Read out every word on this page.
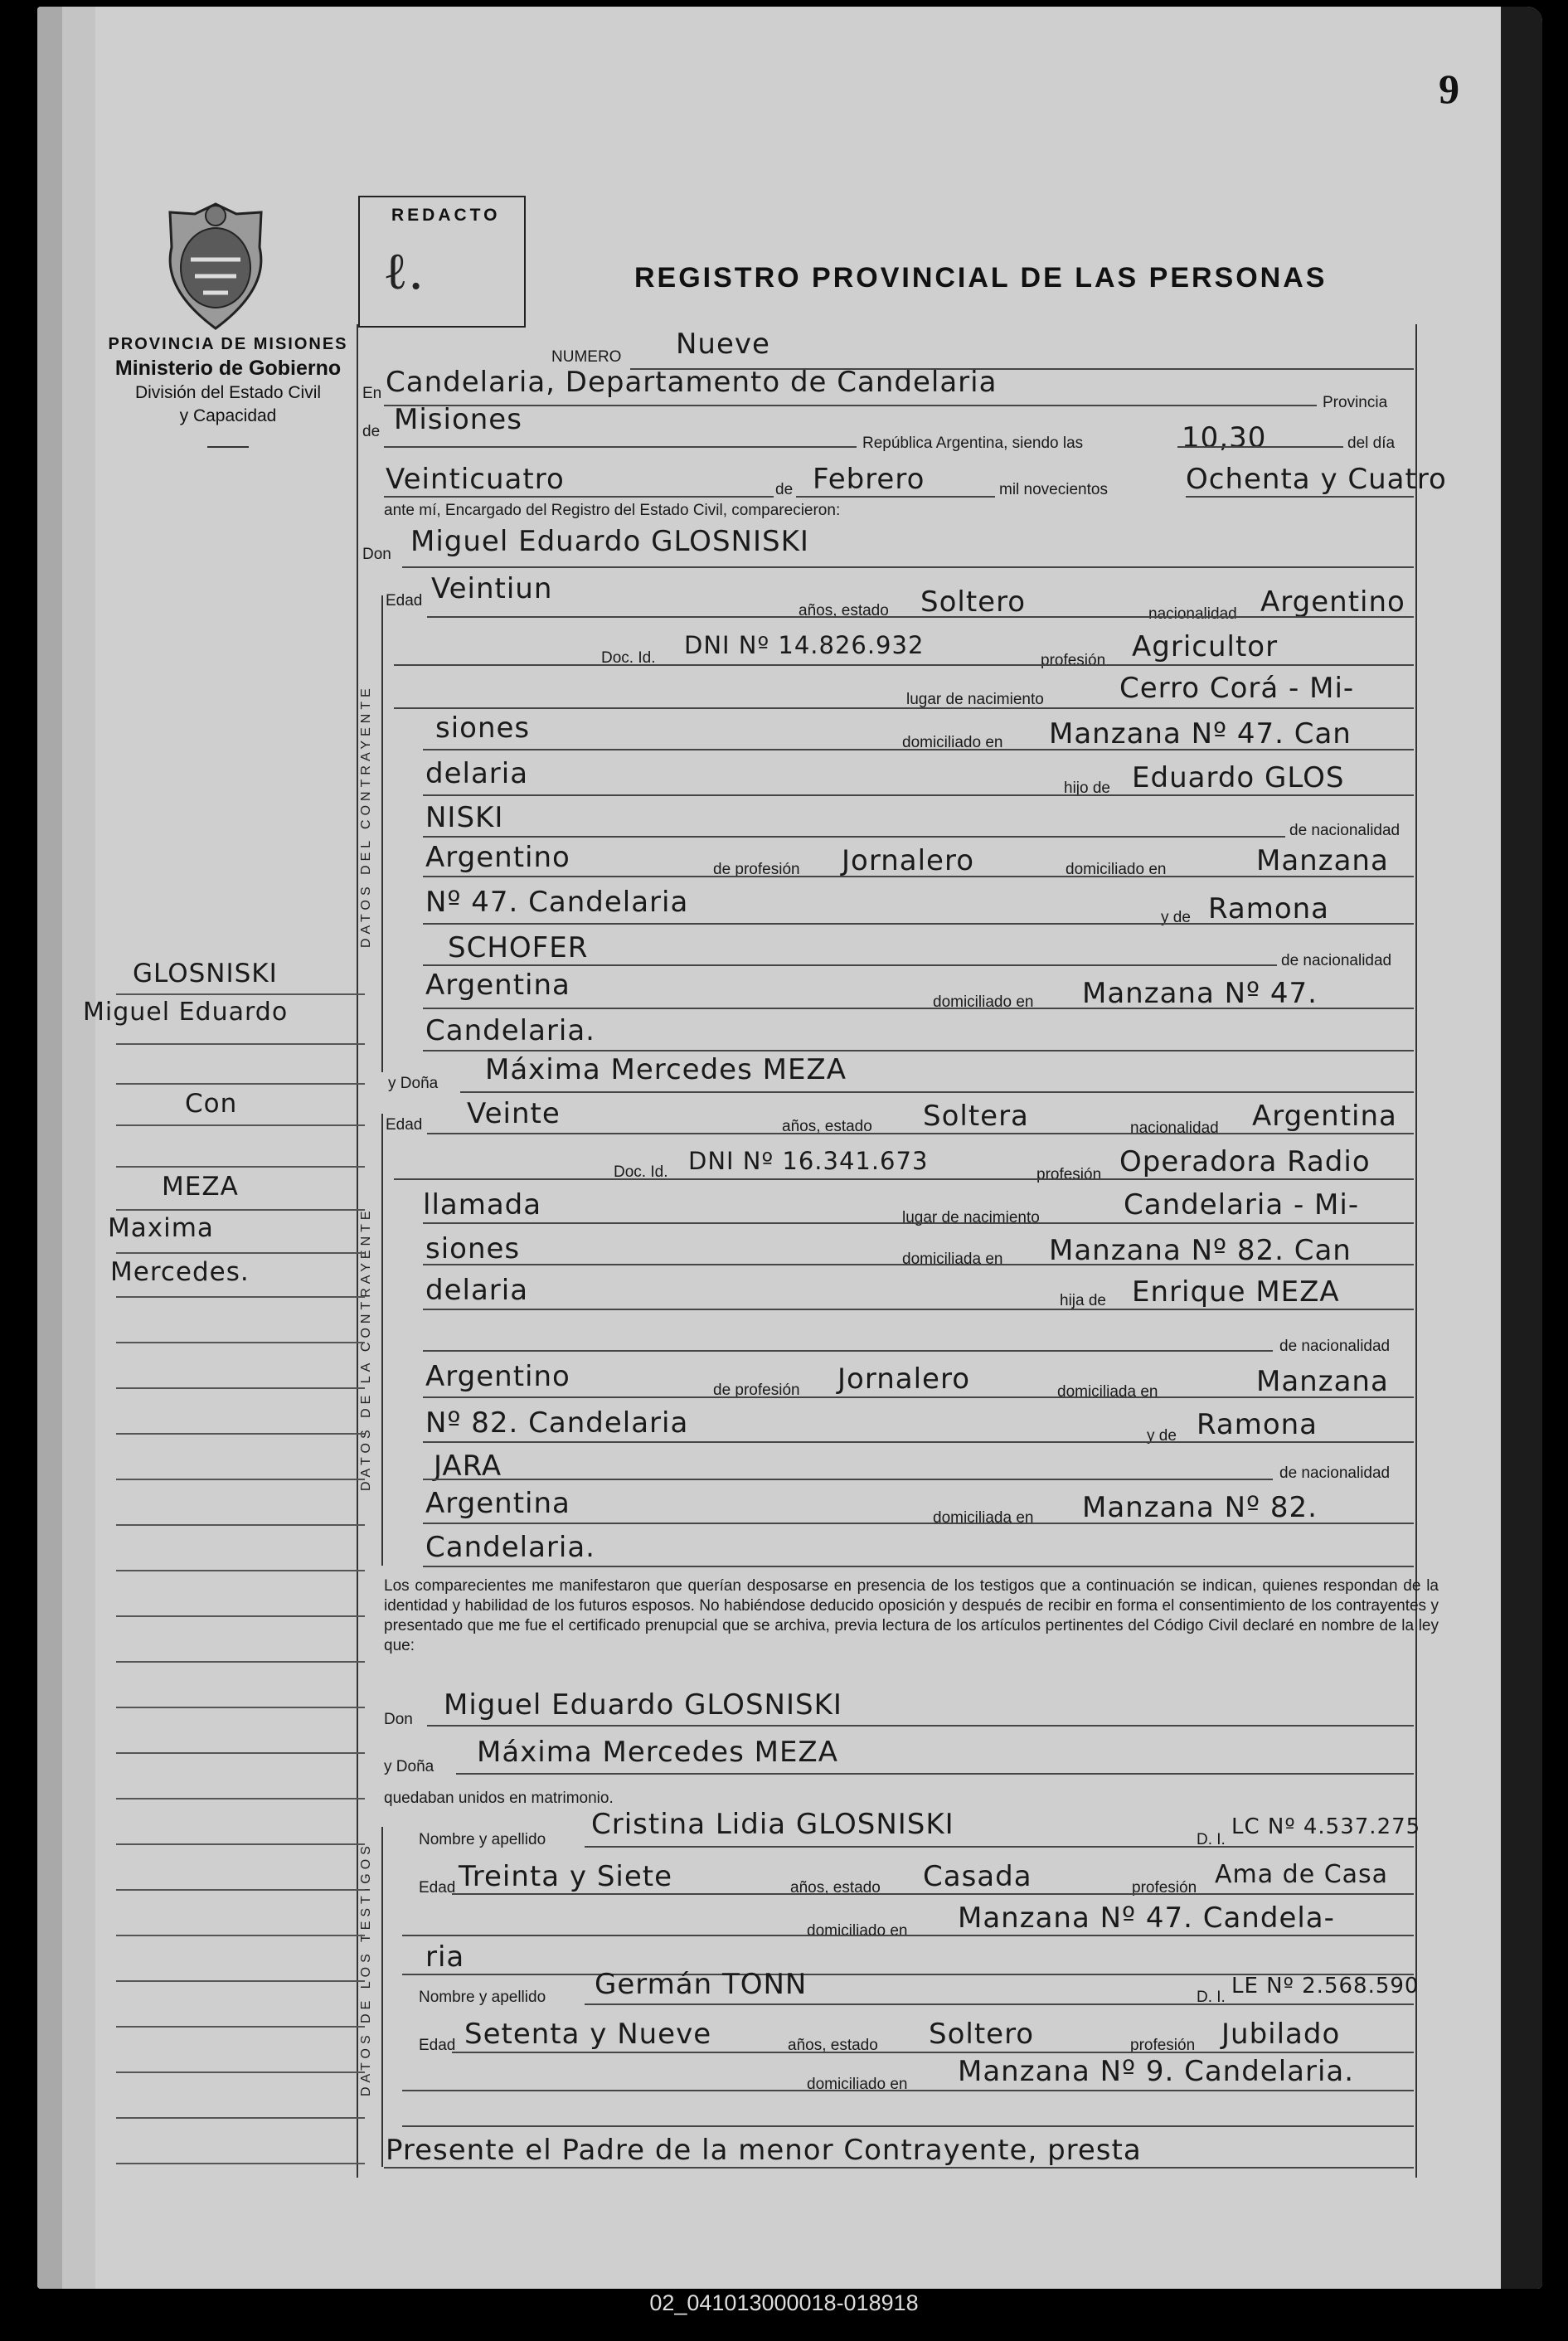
9
PROVINCIA DE MISIONES
Ministerio de Gobierno
División del Estado Civil
y Capacidad
REDACTO
ℓ.	REGISTRO PROVINCIAL DE LAS PERSONAS
DATOS DEL CONTRAYENTE
DATOS DE LA CONTRAYENTE
DATOS DE LOS TESTIGOS
NUMERO Nueve
En Candelaria, Departamento de Candelaria
Provincia
de Misiones
República Argentina, siendo las	10,30	del día
Veinticuatro	de Febrero	mil novecientos	Ochenta y Cuatro
ante mí, Encargado del Registro del Estado Civil, comparecieron:
Don Miguel Eduardo GLOSNISKI
Edad Veintiun
años, estado Soltero	nacionalidad Argentino
Doc. Id. DNI Nº 14.826.932
profesión Agricultor
lugar de nacimiento	Cerro Corá - Mi-
siones	domiciliado en Manzana Nº 47. Can
delaria	hijo de Eduardo GLOS
NISKI	de nacionalidad
Argentino	de profesión Jornalero	domiciliado en	Manzana
Nº 47. Candelaria	y de Ramona
SCHOFER	de nacionalidad
Argentina
domiciliado en Manzana Nº 47.
Candelaria.
y Doña Máxima Mercedes MEZA
Edad Veinte	años, estado Soltera	nacionalidad Argentina
Doc. Id. DNI Nº 16.341.673	profesión Operadora Radio
llamada	lugar de nacimiento	Candelaria - Mi-
siones	domiciliada en Manzana Nº 82. Can
delaria	hija de Enrique MEZA
de nacionalidad
Argentino	de profesión Jornalero	domiciliada en	Manzana
Nº 82. Candelaria	y de Ramona
JARA	de nacionalidad
Argentina	domiciliada en Manzana Nº 82.
Candelaria.
Los comparecientes me manifestaron que querían desposarse en presencia de los testigos que a continuación se indican, quienes respondan de la identidad y habilidad de los futuros esposos. No habiéndose deducido oposición y después de recibir en forma el consentimiento de los contrayentes y presentado que me fue el certificado prenupcial que se archiva, previa lectura de los artículos pertinentes del Código Civil declaré en nombre de la ley que:
Don Miguel Eduardo GLOSNISKI
y Doña Máxima Mercedes MEZA
quedaban unidos en matrimonio.
Nombre y apellido Cristina Lidia GLOSNISKI	D. I.
LC Nº 4.537.275
Edad Treinta y Siete	años, estado Casada	profesión Ama de Casa
domiciliado en Manzana Nº 47. Candela-
ria
Nombre y apellido Germán TONN	D. I. LE Nº 2.568.590
Edad Setenta y Nueve	años, estado Soltero	profesión Jubilado
domiciliado en Manzana Nº 9. Candelaria.
Presente el Padre de la menor Contrayente, presta
GLOSNISKI
Miguel Eduardo
Con
MEZA
Maxima
Mercedes.
02_041013000018-018918
